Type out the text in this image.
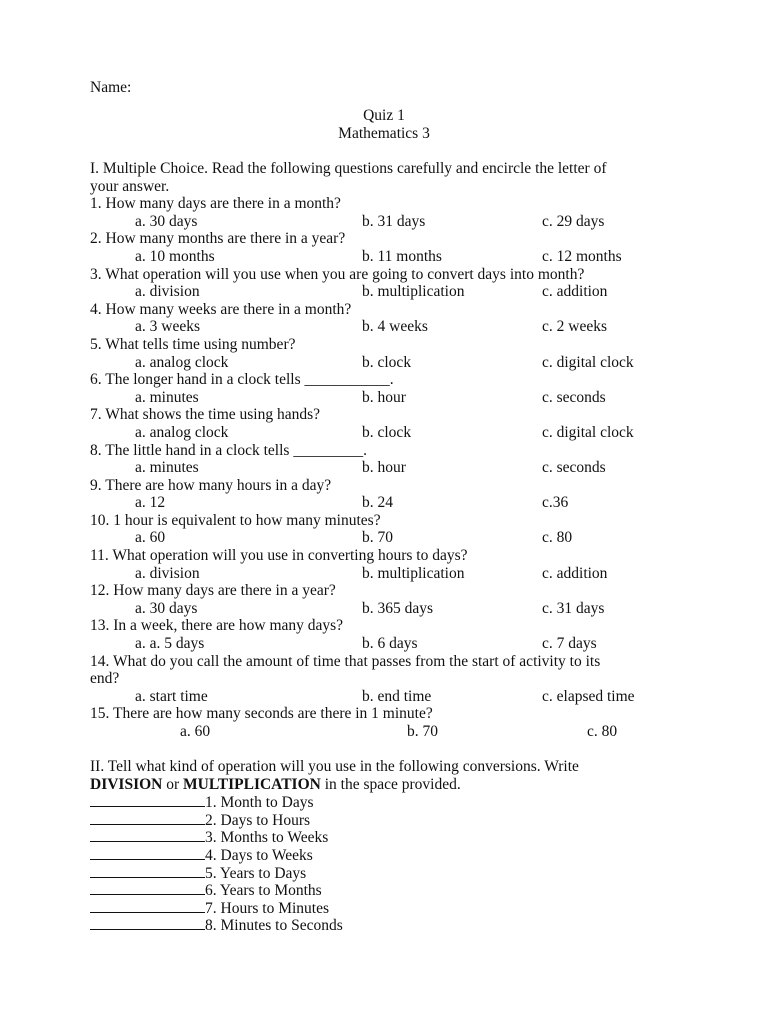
Name:
Quiz 1
Mathematics 3
I. Multiple Choice. Read the following questions carefully and encircle the letter of
your answer.
1. How many days are there in a month?
a. 30 days	b. 31 days	c. 29 days
2. How many months are there in a year?
a. 10 months	b. 11 months	c. 12 months
3. What operation will you use when you are going to convert days into month?
a. division	b. multiplication	c. addition
4. How many weeks are there in a month?
a. 3 weeks	b. 4 weeks	c. 2 weeks
5. What tells time using number?
a. analog clock	b. clock	c. digital clock
6. The longer hand in a clock tells ___________.
a. minutes	b. hour	c. seconds
7. What shows the time using hands?
a. analog clock	b. clock	c. digital clock
8. The little hand in a clock tells _________.
a. minutes	b. hour	c. seconds
9. There are how many hours in a day?
a. 12	b. 24	c.36
10. 1 hour is equivalent to how many minutes?
a. 60	b. 70	c. 80
11. What operation will you use in converting hours to days?
a. division	b. multiplication	c. addition
12. How many days are there in a year?
a. 30 days	b. 365 days	c. 31 days
13. In a week, there are how many days?
a. a. 5 days	b. 6 days	c. 7 days
14. What do you call the amount of time that passes from the start of activity to its
end?
a. start time	b. end time	c. elapsed time
15. There are how many seconds are there in 1 minute?
a. 60	b. 70	c. 80
II. Tell what kind of operation will you use in the following conversions. Write
DIVISION or MULTIPLICATION in the space provided.
1. Month to Days
2. Days to Hours
3. Months to Weeks
4. Days to Weeks
5. Years to Days
6. Years to Months
7. Hours to Minutes
8. Minutes to Seconds
